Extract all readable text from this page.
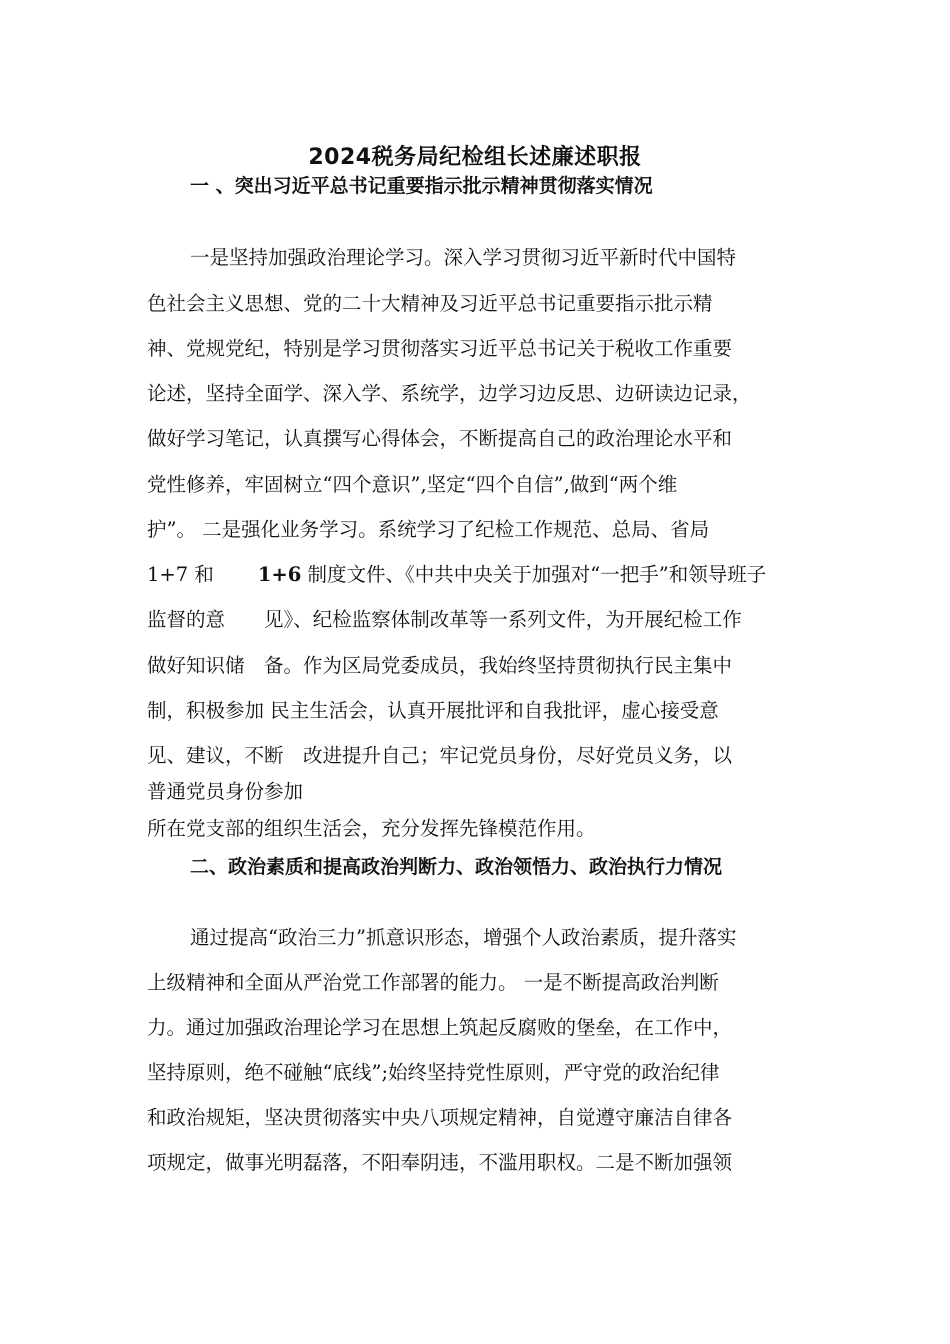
2024税务局纪检组长述廉述职报
一 、突出习近平总书记重要指示批示精神贯彻落实情况
一是坚持加强政治理论学习。深入学习贯彻习近平新时代中国特
色社会主义思想、党的二十大精神及习近平总书记重要指示批示精
神、党规党纪，特别是学习贯彻落实习近平总书记关于税收工作重要
论述，坚持全面学、深入学、系统学，边学习边反思、边研读边记录，
做好学习笔记，认真撰写心得体会，不断提高自己的政治理论水平和
党性修养，牢固树立“四个意识”,坚定“四个自信”,做到“两个维
护”。 二是强化业务学习。系统学习了纪检工作规范、总局、省局
1+7 和 1+6 制度文件、《中共中央关于加强对“一把手”和领导班子
监督的意　　见》、纪检监察体制改革等一系列文件，为开展纪检工作
做好知识储　备。作为区局党委成员，我始终坚持贯彻执行民主集中
制，积极参加 民主生活会，认真开展批评和自我批评，虚心接受意
见、建议，不断　改进提升自己；牢记党员身份，尽好党员义务，以
普通党员身份参加
所在党支部的组织生活会，充分发挥先锋模范作用。
二、政治素质和提高政治判断力、政治领悟力、政治执行力情况
通过提高“政治三力”抓意识形态，增强个人政治素质，提升落实
上级精神和全面从严治党工作部署的能力。 一是不断提高政治判断
力。通过加强政治理论学习在思想上筑起反腐败的堡垒，在工作中，
坚持原则，绝不碰触“底线”;始终坚持党性原则，严守党的政治纪律
和政治规矩，坚决贯彻落实中央八项规定精神，自觉遵守廉洁自律各
项规定，做事光明磊落，不阳奉阴违，不滥用职权。二是不断加强领
